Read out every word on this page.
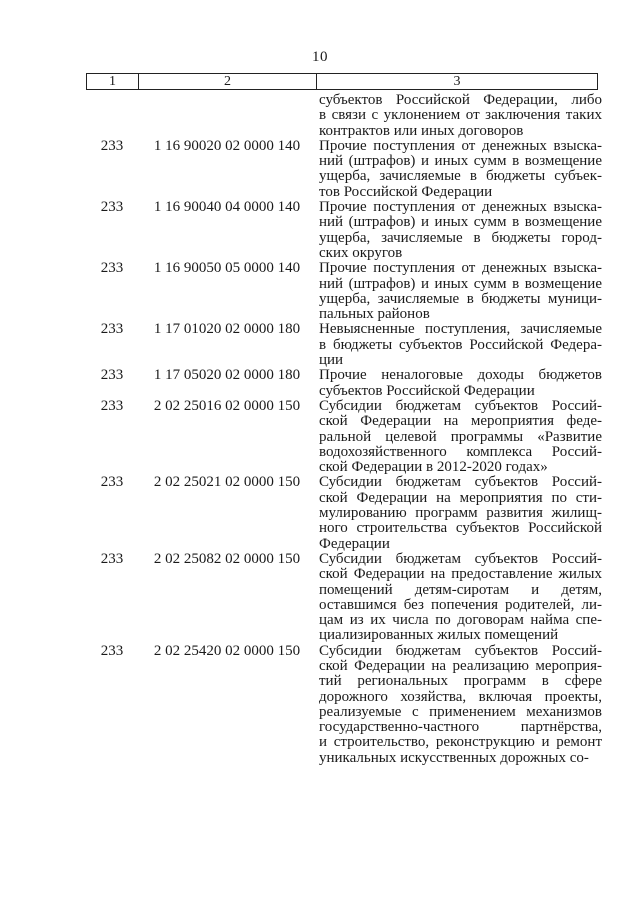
10
1	2	3
субъектов Российской Федерации, либо
в связи с уклонением от заключения таких
контрактов или иных договоров
233	1 16 90020 02 0000 140	Прочие поступления от денежных взыска-
ний (штрафов) и иных сумм в возмещение
ущерба, зачисляемые в бюджеты субъек-
тов Российской Федерации
233	1 16 90040 04 0000 140	Прочие поступления от денежных взыска-
ний (штрафов) и иных сумм в возмещение
ущерба, зачисляемые в бюджеты город-
ских округов
233	1 16 90050 05 0000 140	Прочие поступления от денежных взыска-
ний (штрафов) и иных сумм в возмещение
ущерба, зачисляемые в бюджеты муници-
пальных районов
233	1 17 01020 02 0000 180	Невыясненные поступления, зачисляемые
в бюджеты субъектов Российской Федера-
ции
233	1 17 05020 02 0000 180	Прочие неналоговые доходы бюджетов
субъектов Российской Федерации
233	2 02 25016 02 0000 150	Субсидии бюджетам субъектов Россий-
ской Федерации на мероприятия феде-
ральной целевой программы «Развитие
водохозяйственного комплекса Россий-
ской Федерации в 2012-2020 годах»
233	2 02 25021 02 0000 150	Субсидии бюджетам субъектов Россий-
ской Федерации на мероприятия по сти-
мулированию программ развития жилищ-
ного строительства субъектов Российской
Федерации
233	2 02 25082 02 0000 150	Субсидии бюджетам субъектов Россий-
ской Федерации на предоставление жилых
помещений детям-сиротам и детям,
оставшимся без попечения родителей, ли-
цам из их числа по договорам найма спе-
циализированных жилых помещений
233	2 02 25420 02 0000 150	Субсидии бюджетам субъектов Россий-
ской Федерации на реализацию мероприя-
тий региональных программ в сфере
дорожного хозяйства, включая проекты,
реализуемые с применением механизмов
государственно-частного партнёрства,
и строительство, реконструкцию и ремонт
уникальных искусственных дорожных со-
